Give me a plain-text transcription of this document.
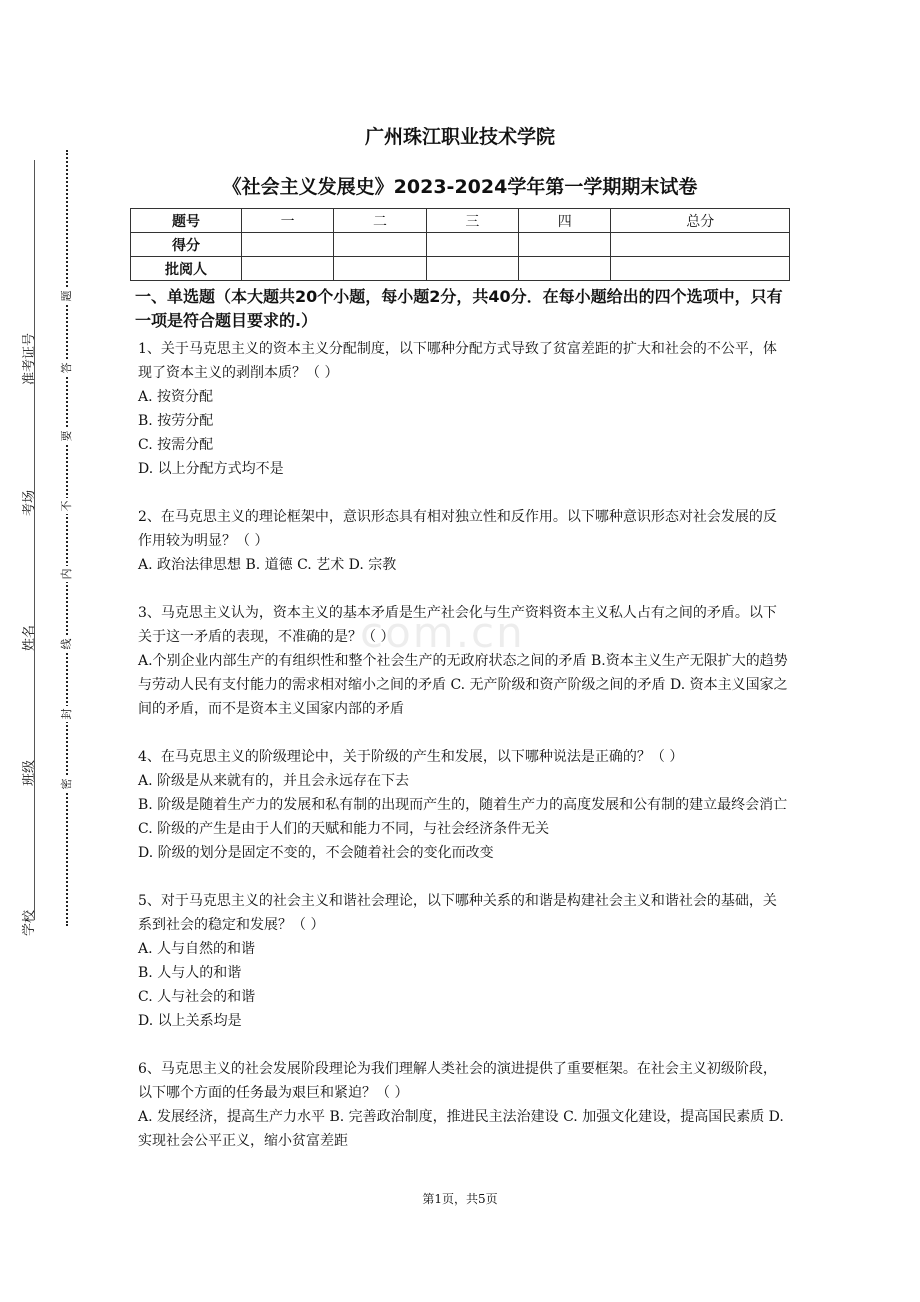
学校
班级
姓名
考场
准考证号
题
答
要
不
内
线
封
密
广州珠江职业技术学院
《社会主义发展史》2023-2024学年第一学期期末试卷
题号	一	二	三	四	总分
得分					
批阅人					
一、单选题（本大题共20个小题，每小题2分，共40分．在每小题给出的四个选项中，只有一项是符合题目要求的.）

1、关于马克思主义的资本主义分配制度，以下哪种分配方式导致了贫富差距的扩大和社会的不公平，体现了资本主义的剥削本质？（ ）

A. 按资分配

B. 按劳分配

C. 按需分配

D. 以上分配方式均不是

2、在马克思主义的理论框架中，意识形态具有相对独立性和反作用。以下哪种意识形态对社会发展的反作用较为明显？（ ）

A. 政治法律思想 B. 道德 C. 艺术 D. 宗教

3、马克思主义认为，资本主义的基本矛盾是生产社会化与生产资料资本主义私人占有之间的矛盾。以下关于这一矛盾的表现，不准确的是？（ ）

A.个别企业内部生产的有组织性和整个社会生产的无政府状态之间的矛盾 B.资本主义生产无限扩大的趋势与劳动人民有支付能力的需求相对缩小之间的矛盾 C. 无产阶级和资产阶级之间的矛盾 D. 资本主义国家之间的矛盾，而不是资本主义国家内部的矛盾

4、在马克思主义的阶级理论中，关于阶级的产生和发展，以下哪种说法是正确的？（ ）

A. 阶级是从来就有的，并且会永远存在下去

B. 阶级是随着生产力的发展和私有制的出现而产生的，随着生产力的高度发展和公有制的建立最终会消亡

C. 阶级的产生是由于人们的天赋和能力不同，与社会经济条件无关

D. 阶级的划分是固定不变的，不会随着社会的变化而改变

5、对于马克思主义的社会主义和谐社会理论，以下哪种关系的和谐是构建社会主义和谐社会的基础，关系到社会的稳定和发展？（ ）

A. 人与自然的和谐

B. 人与人的和谐

C. 人与社会的和谐

D. 以上关系均是

6、马克思主义的社会发展阶段理论为我们理解人类社会的演进提供了重要框架。在社会主义初级阶段，以下哪个方面的任务最为艰巨和紧迫？（ ）

A. 发展经济，提高生产力水平 B. 完善政治制度，推进民主法治建设 C. 加强文化建设，提高国民素质 D. 实现社会公平正义，缩小贫富差距

com.cn
第1页，共5页
